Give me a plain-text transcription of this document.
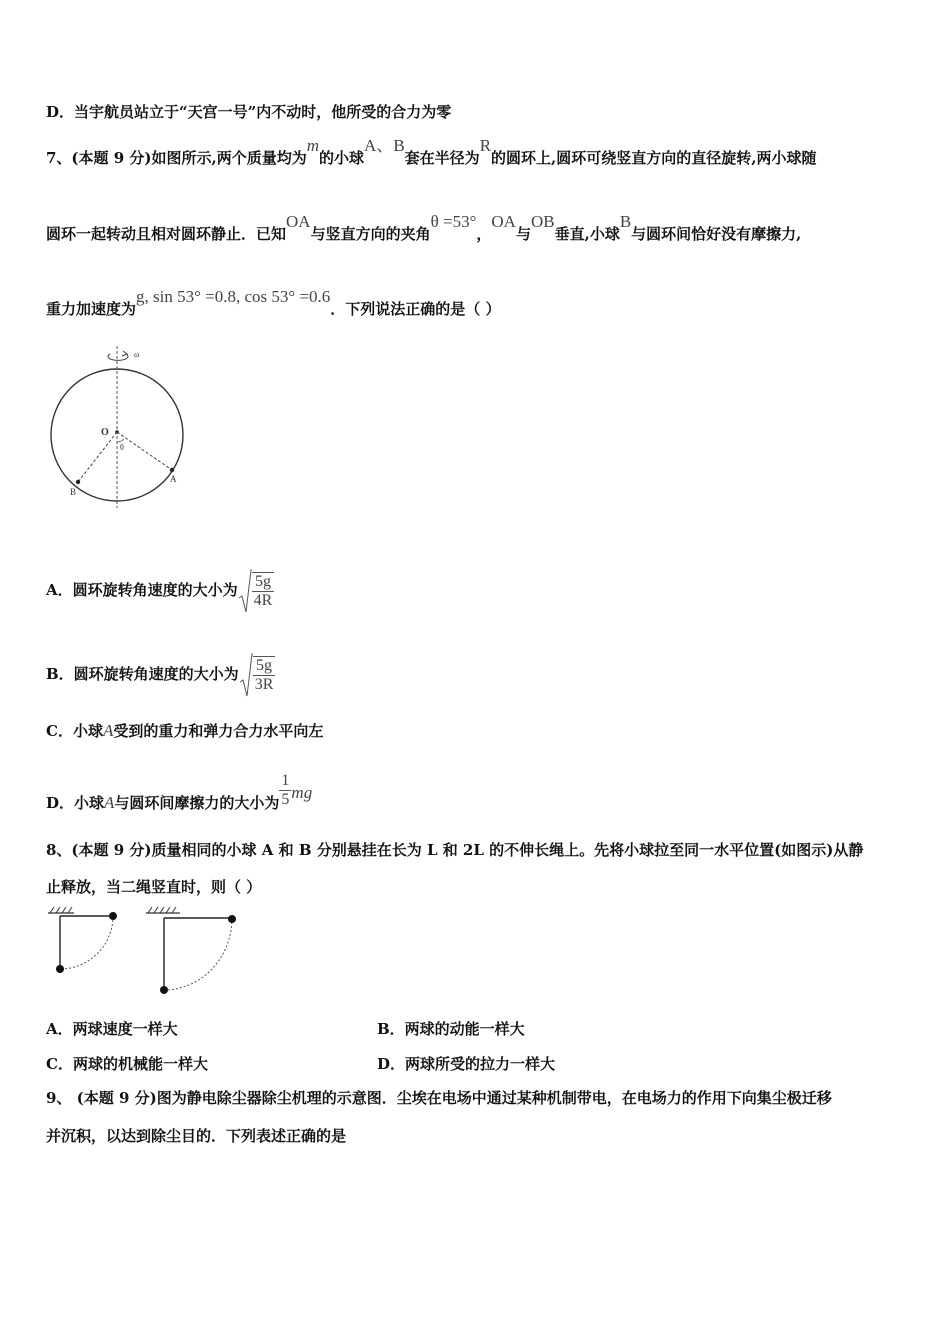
D．当宇航员站立于“天宫一号”内不动时，他所受的合力为零
7、(本题 9 分)如图所示,两个质量均为m的小球A、B套在半径为R的圆环上,圆环可绕竖直方向的直径旋转,两小球随
圆环一起转动且相对圆环静止．已知OA与竖直方向的夹角θ =53°，OA与OB垂直,小球B与圆环间恰好没有摩擦力,
重力加速度为g, sin 53° =0.8, cos 53° =0.6．下列说法正确的是（ ）
ω
O
θ
A
B
A．圆环旋转角速度的大小为 $\frac{5g}{4R}$
B．圆环旋转角速度的大小为 $\frac{5g}{3R}$
C．小球A受到的重力和弹力合力水平向左
D．小球A与圆环间摩擦力的大小为 $\frac{1}{5}$ mg
8、(本题 9 分)质量相同的小球 A 和 B 分别悬挂在长为 L 和 2L 的不伸长绳上。先将小球拉至同一水平位置(如图示)从静
止释放，当二绳竖直时，则（ ）
A．两球速度一样大	B．两球的动能一样大
C．两球的机械能一样大	D．两球所受的拉力一样大
9、 (本题 9 分)图为静电除尘器除尘机理的示意图．尘埃在电场中通过某种机制带电，在电场力的作用下向集尘极迁移
并沉积，以达到除尘目的．下列表述正确的是
